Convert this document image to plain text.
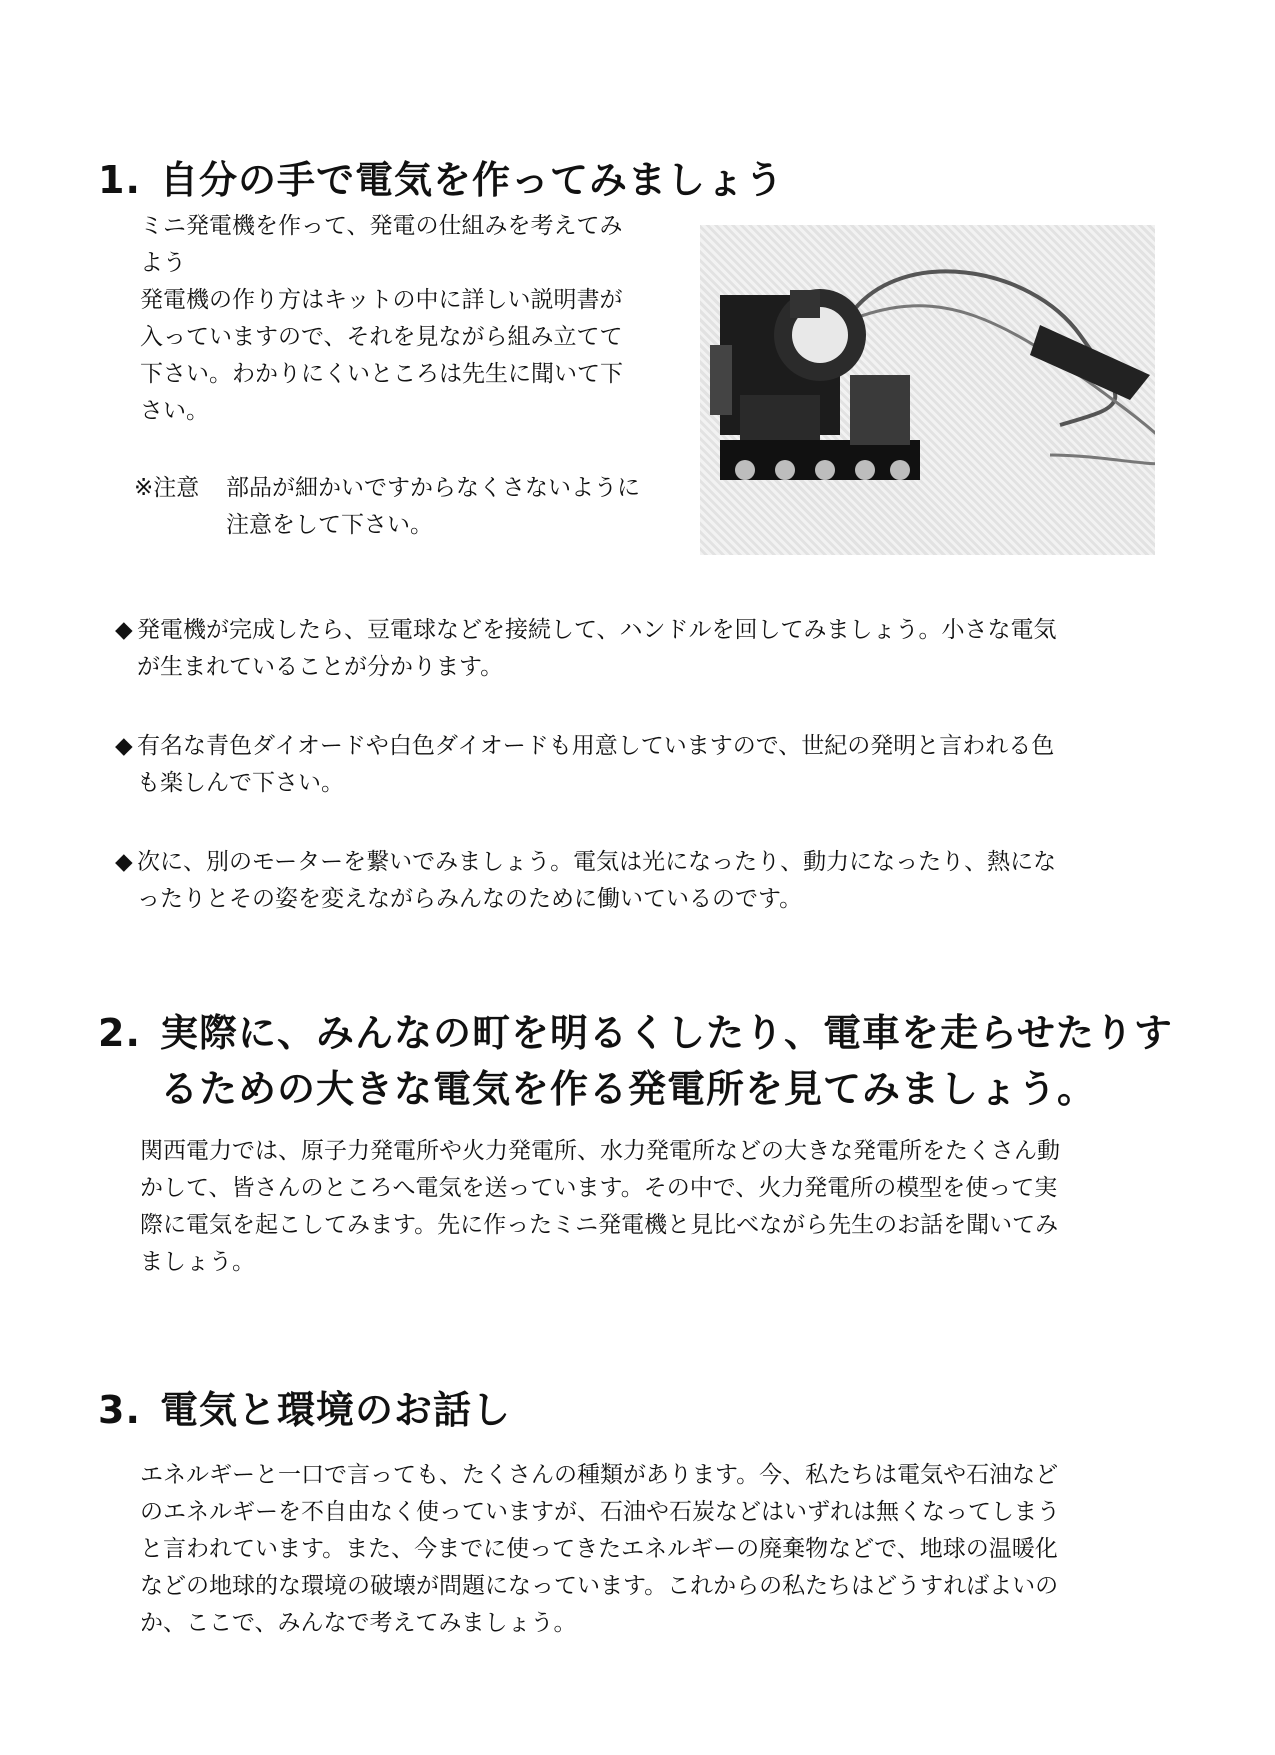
1. 自分の手で電気を作ってみましょう
ミニ発電機を作って、発電の仕組みを考えてみ
よう
発電機の作り方はキットの中に詳しい説明書が
入っていますので、それを見ながら組み立てて
下さい。わかりにくいところは先生に聞いて下
さい。
※注意 部品が細かいですからなくさないように
注意をして下さい。
◆ 発電機が完成したら、豆電球などを接続して、ハンドルを回してみましょう。小さな電気
が生まれていることが分かります。
◆ 有名な青色ダイオードや白色ダイオードも用意していますので、世紀の発明と言われる色
も楽しんで下さい。
◆ 次に、別のモーターを繋いでみましょう。電気は光になったり、動力になったり、熱にな
ったりとその姿を変えながらみんなのために働いているのです。
2. 実際に、みんなの町を明るくしたり、電車を走らせたりす
るための大きな電気を作る発電所を見てみましょう。
関西電力では、原子力発電所や火力発電所、水力発電所などの大きな発電所をたくさん動
かして、皆さんのところへ電気を送っています。その中で、火力発電所の模型を使って実
際に電気を起こしてみます。先に作ったミニ発電機と見比べながら先生のお話を聞いてみ
ましょう。
3. 電気と環境のお話し
エネルギーと一口で言っても、たくさんの種類があります。今、私たちは電気や石油など
のエネルギーを不自由なく使っていますが、石油や石炭などはいずれは無くなってしまう
と言われています。また、今までに使ってきたエネルギーの廃棄物などで、地球の温暖化
などの地球的な環境の破壊が問題になっています。これからの私たちはどうすればよいの
か、ここで、みんなで考えてみましょう。
